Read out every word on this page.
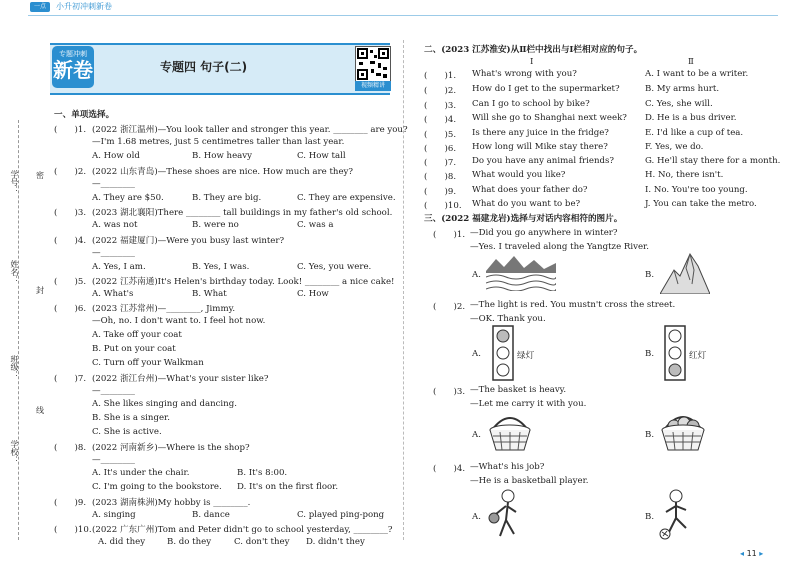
一点	小升初冲刺新卷
专题冲刺
新卷	专题四 句子(二)
视频精讲
学号：
姓名：
班级：
学校：
密
封
线
一、单项选择。
(　　)1. (2022 浙江温州)—You look taller and stronger this year. ________ are you?
—I'm 1.68 metres, just 5 centimetres taller than last year.
A. How old	B. How heavy	C. How tall
(　　)2. (2022 山东青岛)—These shoes are nice. How much are they?
—________
A. They are $50.	B. They are big.	C. They are expensive.
(　　)3. (2023 湖北襄阳)There ________ tall buildings in my father's old school.
A. was not	B. were no	C. was a
(　　)4. (2022 福建厦门)—Were you busy last winter?
—________
A. Yes, I am.	B. Yes, I was.	C. Yes, you were.
(　　)5. (2022 江苏南通)It's Helen's birthday today. Look! ________ a nice cake!
A. What's	B. What	C. How
(　　)6. (2023 江苏常州)—________, Jimmy.
—Oh, no. I don't want to. I feel hot now.
A. Take off your coat
B. Put on your coat
C. Turn off your Walkman
(　　)7. (2022 浙江台州)—What's your sister like?
—________
A. She likes singing and dancing.
B. She is a singer.
C. She is active.
(　　)8. (2022 河南新乡)—Where is the shop?
—________
A. It's under the chair.	B. It's 8:00.
C. I'm going to the bookstore. D. It's on the first floor.
(　　)9. (2023 湖南株洲)My hobby is ________.
A. singing	B. dance	C. played ping-pong
(　　)10. (2022 广东广州)Tom and Peter didn't go to school yesterday, ________?
A. did they	B. do they	C. don't they D. didn't they
二、(2023 江苏淮安)从Ⅱ栏中找出与Ⅰ栏相对应的句子。
Ⅰ	Ⅱ
(　　)1. What's wrong with you?	A. I want to be a writer.
(　　)2. How do I get to the supermarket?	B. My arms hurt.
(　　)3. Can I go to school by bike?	C. Yes, she will.
(　　)4. Will she go to Shanghai next week? D. He is a bus driver.
(　　)5. Is there any juice in the fridge?	E. I'd like a cup of tea.
(　　)6. How long will Mike stay there?	F. Yes, we do.
(　　)7. Do you have any animal friends?	G. He'll stay there for a month.
(　　)8. What would you like?	H. No, there isn't.
(　　)9. What does your father do?	I. No. You're too young.
(　　)10. What do you want to be?	J. You can take the metro.
三、(2022 福建龙岩)选择与对话内容相符的图片。
(　　)1. —Did you go anywhere in winter?
—Yes. I traveled along the Yangtze River.
A.	B.
(　　)2. —The light is red. You mustn't cross the street.
—OK. Thank you.
A.	B.
绿灯	红灯
(　　)3. —The basket is heavy.
—Let me carry it with you.
A.	B.
(　　)4. —What's his job?
—He is a basketball player.
A.	B.
◂ 11 ▸
